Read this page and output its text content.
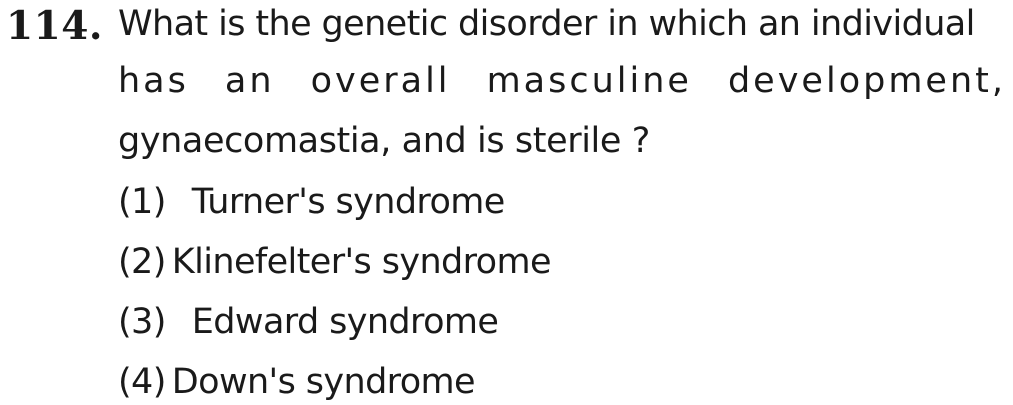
114. What is the genetic disorder in which an individual
has an overall masculine development,
gynaecomastia, and is sterile ?
(1) Turner's syndrome
(2) Klinefelter's syndrome
(3) Edward syndrome
(4) Down's syndrome
